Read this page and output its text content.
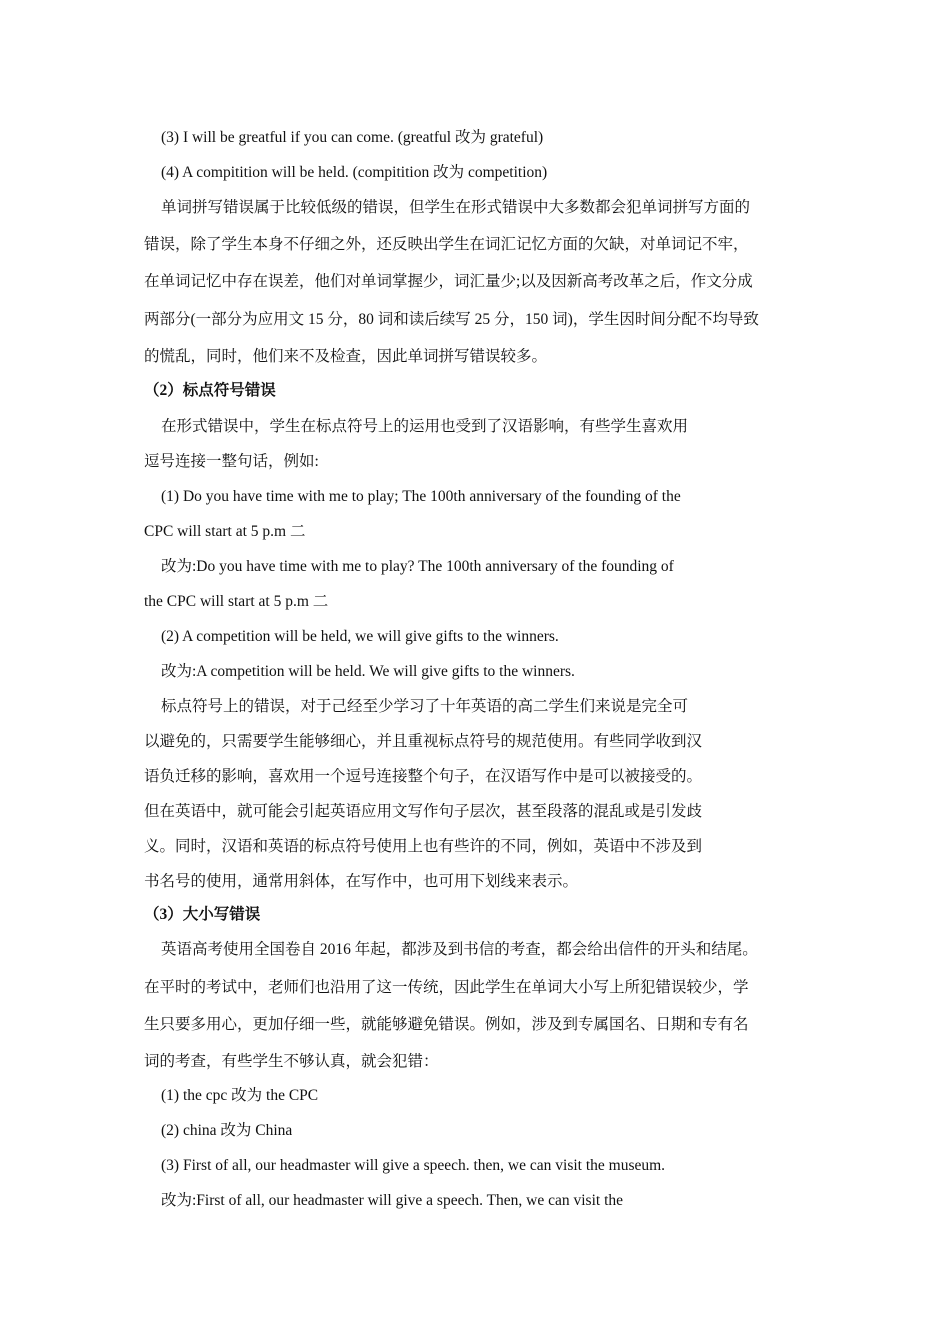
(3) I will be greatful if you can come. (greatful 改为 grateful)
(4) A compitition will be held. (compitition 改为 competition)
单词拼写错误属于比较低级的错误，但学生在形式错误中大多数都会犯单词拼写方面的
错误，除了学生本身不仔细之外，还反映出学生在词汇记忆方面的欠缺，对单词记不牢，
在单词记忆中存在误差，他们对单词掌握少，词汇量少;以及因新高考改革之后，作文分成
两部分(一部分为应用文 15 分，80 词和读后续写 25 分，150 词)，学生因时间分配不均导致
的慌乱，同时，他们来不及检查，因此单词拼写错误较多。
（2）标点符号错误
在形式错误中，学生在标点符号上的运用也受到了汉语影响，有些学生喜欢用
逗号连接一整句话，例如:
(1) Do you have time with me to play; The 100th anniversary of the founding of the
CPC will start at 5 p.m 二
改为:Do you have time with me to play? The 100th anniversary of the founding of
the CPC will start at 5 p.m 二
(2) A competition will be held, we will give gifts to the winners.
改为:A competition will be held. We will give gifts to the winners.
标点符号上的错误，对于己经至少学习了十年英语的高二学生们来说是完全可
以避免的，只需要学生能够细心，并且重视标点符号的规范使用。有些同学收到汉
语负迁移的影响，喜欢用一个逗号连接整个句子，在汉语写作中是可以被接受的。
但在英语中，就可能会引起英语应用文写作句子层次，甚至段落的混乱或是引发歧
义。同时，汉语和英语的标点符号使用上也有些许的不同，例如，英语中不涉及到
书名号的使用，通常用斜体，在写作中，也可用下划线来表示。
（3）大小写错误
英语高考使用全国卷自 2016 年起，都涉及到书信的考查，都会给出信件的开头和结尾。
在平时的考试中，老师们也沿用了这一传统，因此学生在单词大小写上所犯错误较少，学
生只要多用心，更加仔细一些，就能够避免错误。例如，涉及到专属国名、日期和专有名
词的考查，有些学生不够认真，就会犯错：
(1) the cpc 改为 the CPC
(2) china 改为 China
(3) First of all, our headmaster will give a speech. then, we can visit the museum.
改为:First of all, our headmaster will give a speech. Then, we can visit the
